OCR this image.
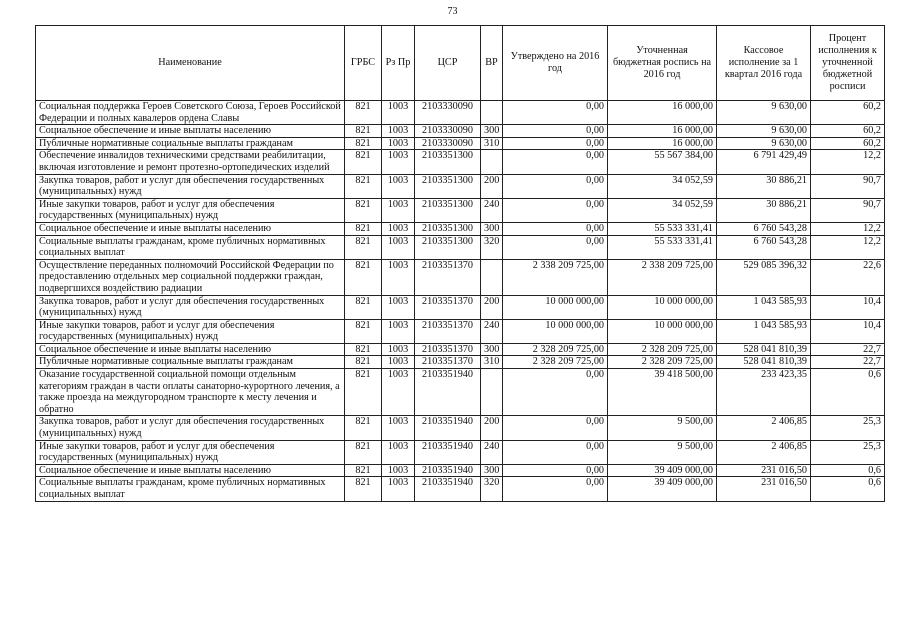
73
Наименование	ГРБС	Рз Пр	ЦСР	ВР	Утверждено на 2016 год	Уточненная бюджетная роспись на 2016 год	Кассовое исполнение за 1 квартал 2016 года	Процент исполнения к уточненной бюджетной росписи
Социальная поддержка Героев Советского Союза, Героев Российской Федерации и полных кавалеров ордена Славы	821	1003	2103330090		0,00	16 000,00	9 630,00	60,2
Социальное обеспечение и иные выплаты населению	821	1003	2103330090	300	0,00	16 000,00	9 630,00	60,2
Публичные нормативные социальные выплаты гражданам	821	1003	2103330090	310	0,00	16 000,00	9 630,00	60,2
Обеспечение инвалидов техническими средствами реабилитации, включая изготовление и ремонт протезно-ортопедических изделий	821	1003	2103351300		0,00	55 567 384,00	6 791 429,49	12,2
Закупка товаров, работ и услуг для обеспечения государственных (муниципальных) нужд	821	1003	2103351300	200	0,00	34 052,59	30 886,21	90,7
Иные закупки товаров, работ и услуг для обеспечения государственных (муниципальных) нужд	821	1003	2103351300	240	0,00	34 052,59	30 886,21	90,7
Социальное обеспечение и иные выплаты населению	821	1003	2103351300	300	0,00	55 533 331,41	6 760 543,28	12,2
Социальные выплаты гражданам, кроме публичных нормативных социальных выплат	821	1003	2103351300	320	0,00	55 533 331,41	6 760 543,28	12,2
Осуществление переданных полномочий Российской Федерации по предоставлению отдельных мер социальной поддержки граждан, подвергшихся воздействию радиации	821	1003	2103351370		2 338 209 725,00	2 338 209 725,00	529 085 396,32	22,6
Закупка товаров, работ и услуг для обеспечения государственных (муниципальных) нужд	821	1003	2103351370	200	10 000 000,00	10 000 000,00	1 043 585,93	10,4
Иные закупки товаров, работ и услуг для обеспечения государственных (муниципальных) нужд	821	1003	2103351370	240	10 000 000,00	10 000 000,00	1 043 585,93	10,4
Социальное обеспечение и иные выплаты населению	821	1003	2103351370	300	2 328 209 725,00	2 328 209 725,00	528 041 810,39	22,7
Публичные нормативные социальные выплаты гражданам	821	1003	2103351370	310	2 328 209 725,00	2 328 209 725,00	528 041 810,39	22,7
Оказание государственной социальной помощи отдельным категориям граждан в части оплаты санаторно-курортного лечения, а также проезда на междугородном транспорте к месту лечения и обратно	821	1003	2103351940		0,00	39 418 500,00	233 423,35	0,6
Закупка товаров, работ и услуг для обеспечения государственных (муниципальных) нужд	821	1003	2103351940	200	0,00	9 500,00	2 406,85	25,3
Иные закупки товаров, работ и услуг для обеспечения государственных (муниципальных) нужд	821	1003	2103351940	240	0,00	9 500,00	2 406,85	25,3
Социальное обеспечение и иные выплаты населению	821	1003	2103351940	300	0,00	39 409 000,00	231 016,50	0,6
Социальные выплаты гражданам, кроме публичных нормативных социальных выплат	821	1003	2103351940	320	0,00	39 409 000,00	231 016,50	0,6
